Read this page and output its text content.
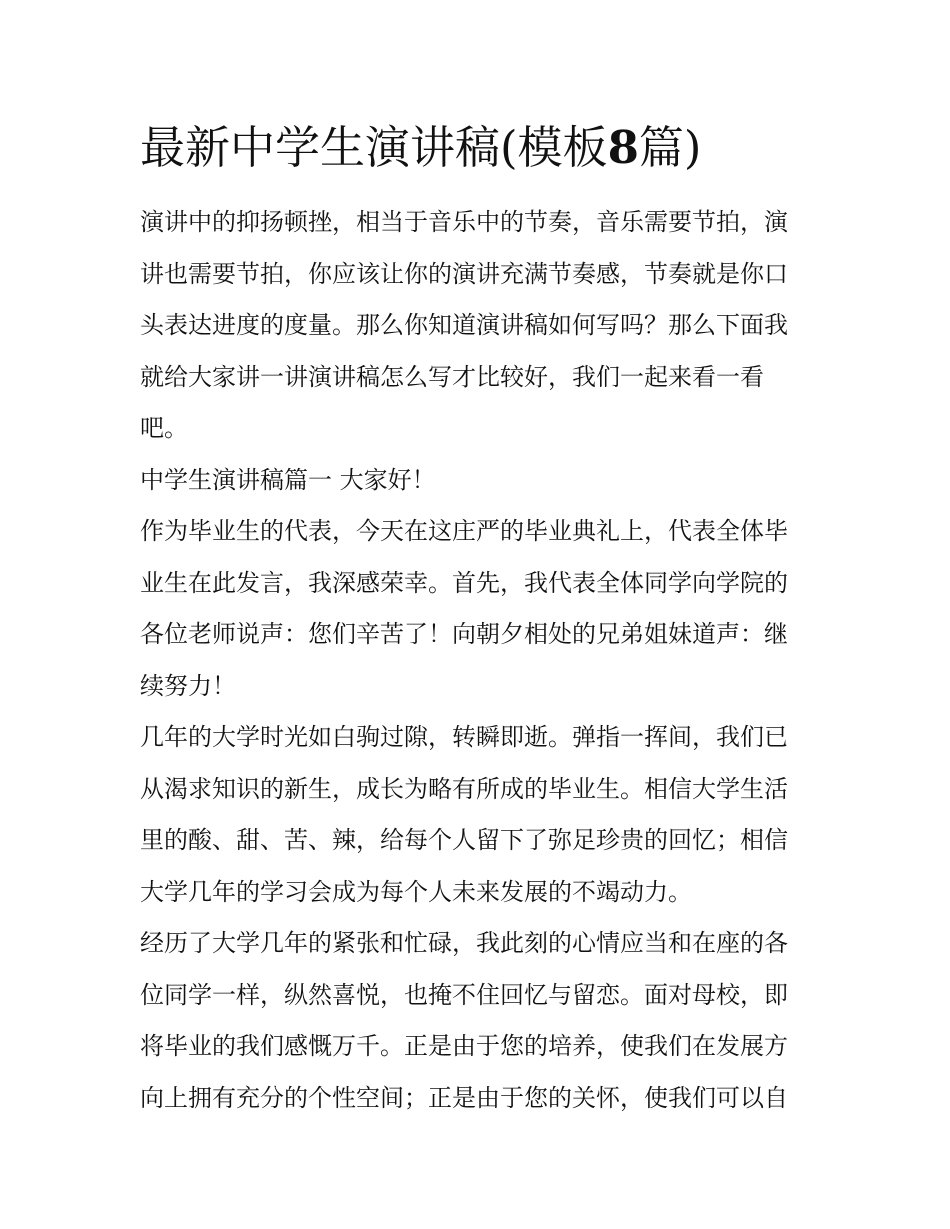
最新中学生演讲稿(模板8篇)
演讲中的抑扬顿挫，相当于音乐中的节奏，音乐需要节拍，演
讲也需要节拍，你应该让你的演讲充满节奏感，节奏就是你口
头表达进度的度量。那么你知道演讲稿如何写吗？那么下面我
就给大家讲一讲演讲稿怎么写才比较好，我们一起来看一看
吧。
中学生演讲稿篇一 大家好！
作为毕业生的代表，今天在这庄严的毕业典礼上，代表全体毕
业生在此发言，我深感荣幸。首先，我代表全体同学向学院的
各位老师说声：您们辛苦了！向朝夕相处的兄弟姐妹道声：继
续努力！
几年的大学时光如白驹过隙，转瞬即逝。弹指一挥间，我们已
从渴求知识的新生，成长为略有所成的毕业生。相信大学生活
里的酸、甜、苦、辣，给每个人留下了弥足珍贵的回忆；相信
大学几年的学习会成为每个人未来发展的不竭动力。
经历了大学几年的紧张和忙碌，我此刻的心情应当和在座的各
位同学一样，纵然喜悦，也掩不住回忆与留恋。面对母校，即
将毕业的我们感慨万千。正是由于您的培养，使我们在发展方
向上拥有充分的个性空间；正是由于您的关怀，使我们可以自
